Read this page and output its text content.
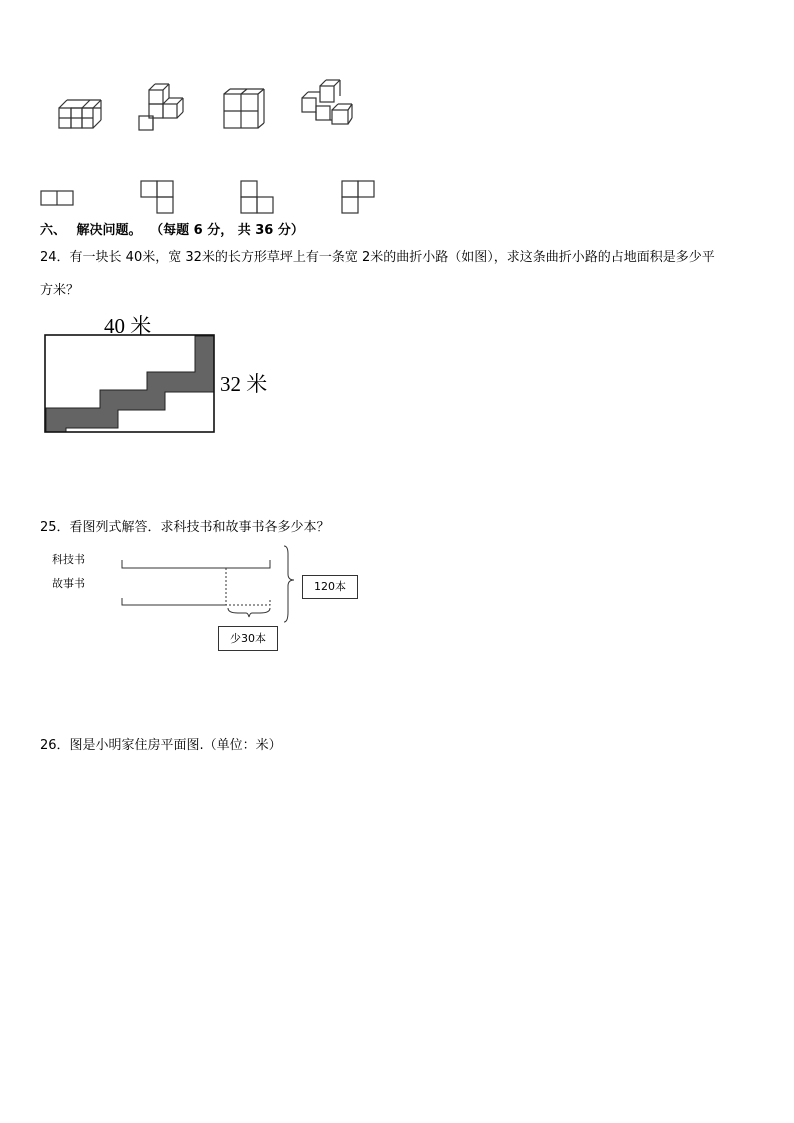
六、 解决问题。 （每题 6 分， 共 36 分）
24．有一块长 40米，宽 32米的长方形草坪上有一条宽 2米的曲折小路（如图），求这条曲折小路的占地面积是多少平
方米？
40 米
32 米
25．看图列式解答．求科技书和故事书各多少本？
科技书
故事书	120本
少30本
26．图是小明家住房平面图.（单位：米）
